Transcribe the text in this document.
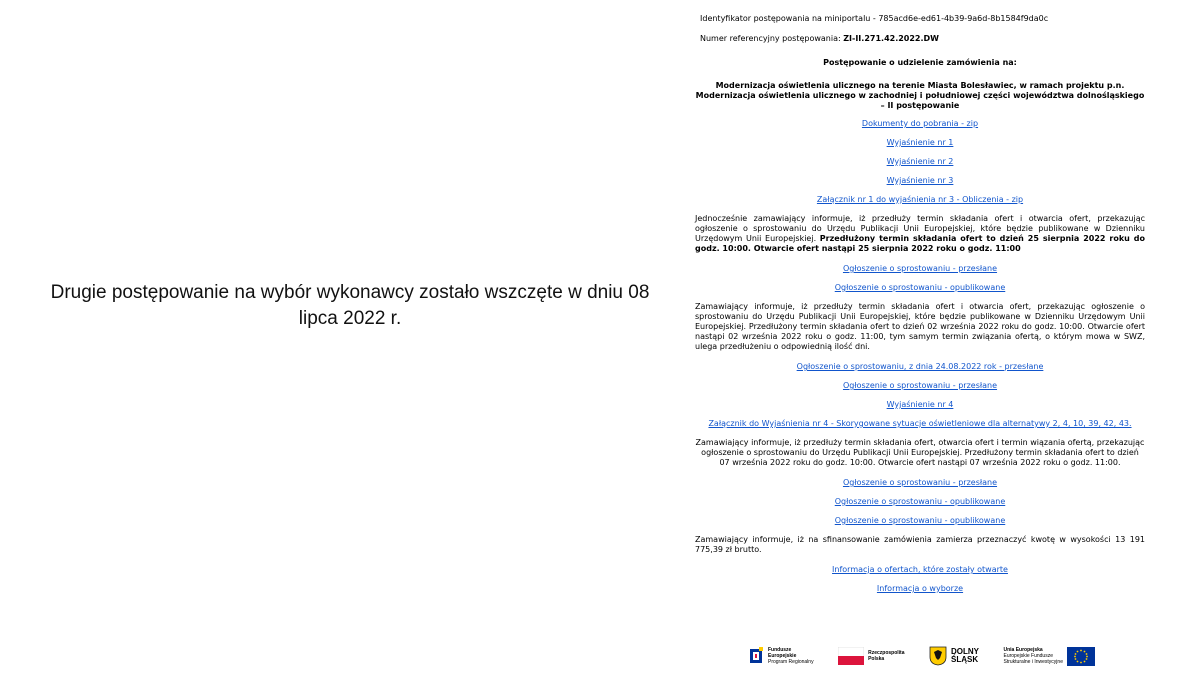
Drugie postępowanie na wybór wykonawcy zostało wszczęte w dniu 08 lipca 2022 r.
Identyfikator postępowania na miniportalu - 785acd6e-ed61-4b39-9a6d-8b1584f9da0c
Numer referencyjny postępowania: ZI-II.271.42.2022.DW
Postępowanie o udzielenie zamówienia na:
Modernizacja oświetlenia ulicznego na terenie Miasta Bolesławiec, w ramach projektu p.n. Modernizacja oświetlenia ulicznego w zachodniej i południowej części województwa dolnośląskiego – II postępowanie
Dokumenty do pobrania - zip
Wyjaśnienie nr 1
Wyjaśnienie nr 2
Wyjaśnienie nr 3
Załącznik nr 1 do wyjaśnienia nr 3 - Obliczenia - zip
Jednocześnie zamawiający informuje, iż przedłuży termin składania ofert i otwarcia ofert, przekazując ogłoszenie o sprostowaniu do Urzędu Publikacji Unii Europejskiej, które będzie publikowane w Dzienniku Urzędowym Unii Europejskiej. Przedłużony termin składania ofert to dzień 25 sierpnia 2022 roku do godz. 10:00. Otwarcie ofert nastąpi 25 sierpnia 2022 roku o godz. 11:00
Ogłoszenie o sprostowaniu - przesłane
Ogłoszenie o sprostowaniu - opublikowane
Zamawiający informuje, iż przedłuży termin składania ofert i otwarcia ofert, przekazując ogłoszenie o sprostowaniu do Urzędu Publikacji Unii Europejskiej, które będzie publikowane w Dzienniku Urzędowym Unii Europejskiej. Przedłużony termin składania ofert to dzień 02 września 2022 roku do godz. 10:00. Otwarcie ofert nastąpi 02 września 2022 roku o godz. 11:00, tym samym termin związania ofertą, o którym mowa w SWZ, ulega przedłużeniu o odpowiednią ilość dni.
Ogłoszenie o sprostowaniu, z dnia 24.08.2022 rok - przesłane
Ogłoszenie o sprostowaniu - przesłane
Wyjaśnienie nr 4
Załącznik do Wyjaśnienia nr 4 - Skorygowane sytuacje oświetleniowe dla alternatywy 2, 4, 10, 39, 42, 43.
Zamawiający informuje, iż przedłuży termin składania ofert, otwarcia ofert i termin wiązania ofertą, przekazując ogłoszenie o sprostowaniu do Urzędu Publikacji Unii Europejskiej. Przedłużony termin składania ofert to dzień 07 września 2022 roku do godz. 10:00. Otwarcie ofert nastąpi 07 września 2022 roku o godz. 11:00.
Ogłoszenie o sprostowaniu - przesłane
Ogłoszenie o sprostowaniu - opublikowane
Ogłoszenie o sprostowaniu - opublikowane
Zamawiający informuje, iż na sfinansowanie zamówienia zamierza przeznaczyć kwotę w wysokości 13 191 775,39 zł brutto.
Informacja o ofertach, które zostały otwarte
Informacja o wyborze
Fundusze
Europejskie
Program Regionalny
Rzeczpospolita
Polska
DOLNY
ŚLĄSK
Unia Europejska
Europejskie Fundusze
Strukturalne i Inwestycyjne
